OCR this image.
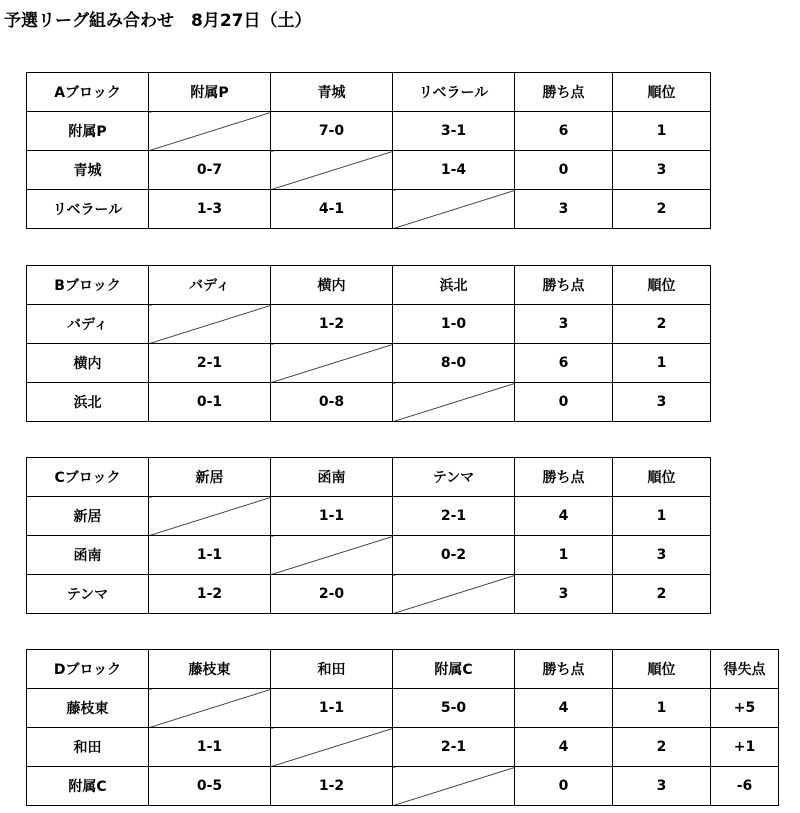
予選リーグ組み合わせ　8月27日（土）
Aブロック	附属P	青城	リベラール	勝ち点	順位
附属P		7-0	3-1	6	1
青城	0-7		1-4	0	3
リベラール	1-3	4-1		3	2
Bブロック	バディ	横内	浜北	勝ち点	順位
バディ		1-2	1-0	3	2
横内	2-1		8-0	6	1
浜北	0-1	0-8		0	3
Cブロック	新居	函南	テンマ	勝ち点	順位
新居		1-1	2-1	4	1
函南	1-1		0-2	1	3
テンマ	1-2	2-0		3	2
Dブロック	藤枝東	和田	附属C	勝ち点	順位	得失点
藤枝東		1-1	5-0	4	1	+5
和田	1-1		2-1	4	2	+1
附属C	0-5	1-2		0	3	-6
